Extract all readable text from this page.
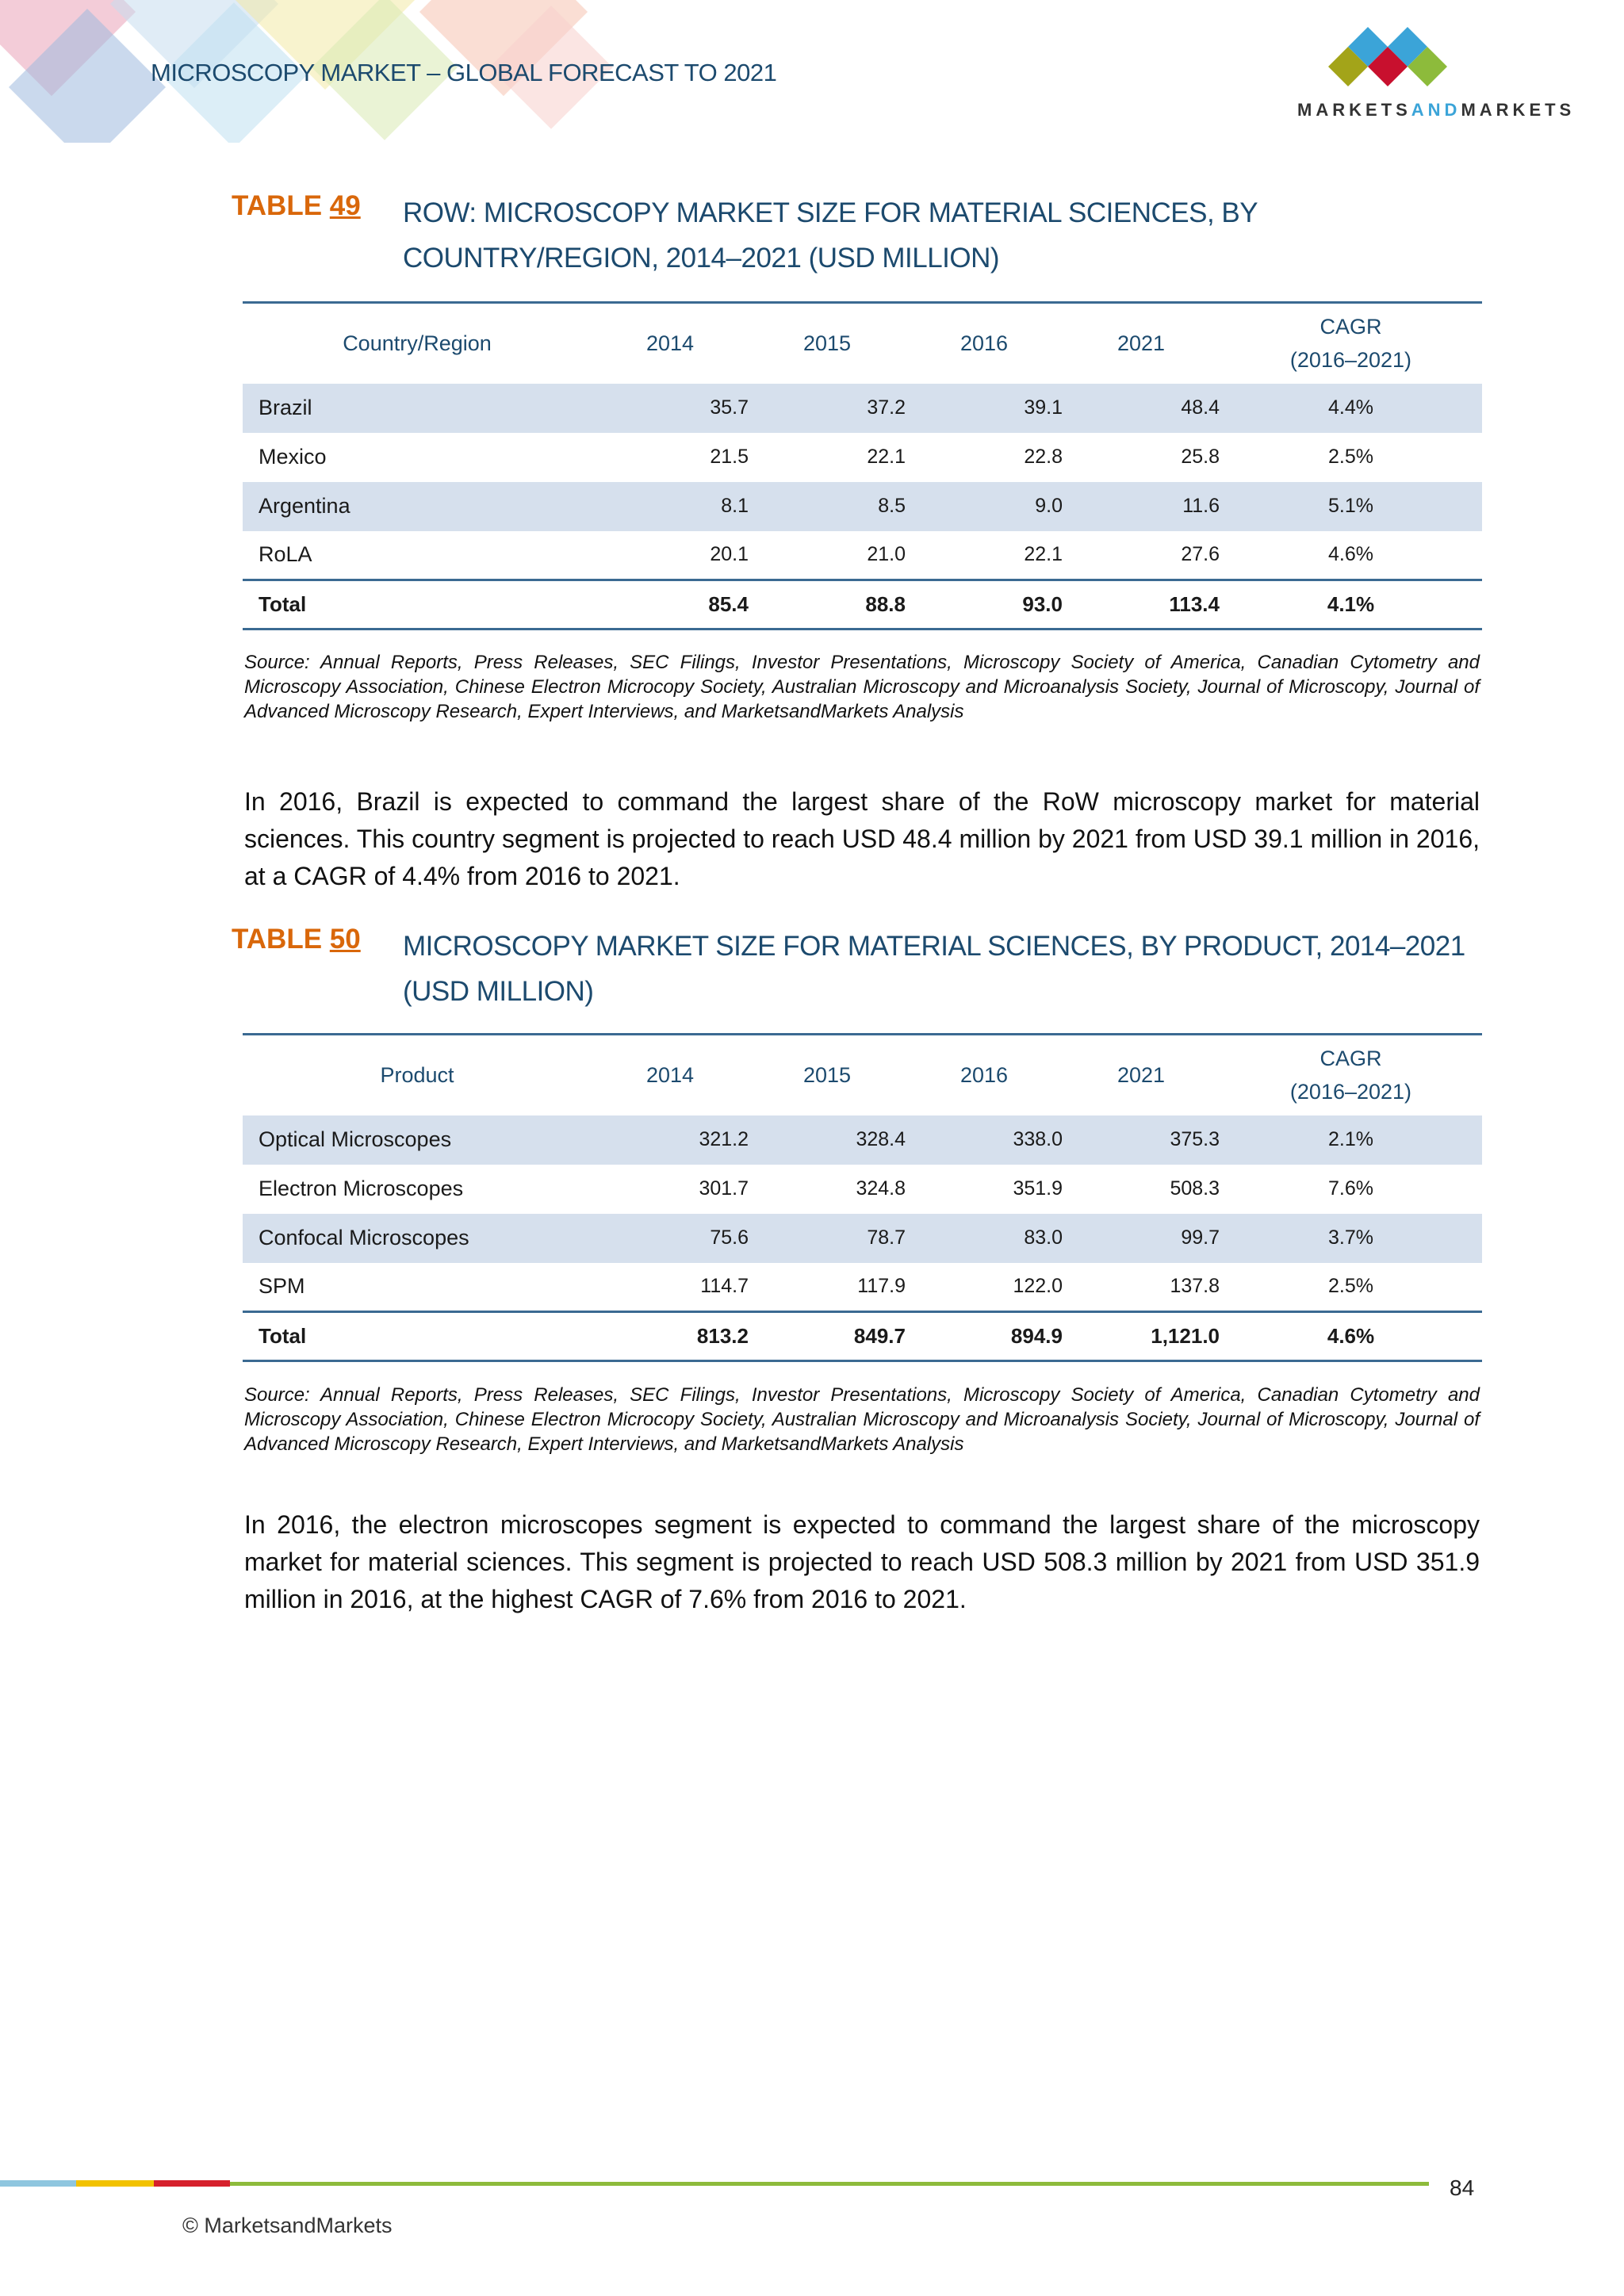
MICROSCOPY MARKET – GLOBAL FORECAST TO 2021
MARKETSANDMARKETS
TABLE 49 ROW: MICROSCOPY MARKET SIZE FOR MATERIAL SCIENCES, BY COUNTRY/REGION, 2014–2021 (USD MILLION)
Country/Region	2014	2015	2016	2021	CAGR
(2016–2021)
Brazil	35.7	37.2	39.1	48.4	4.4%
Mexico	21.5	22.1	22.8	25.8	2.5%
Argentina	8.1	8.5	9.0	11.6	5.1%
RoLA	20.1	21.0	22.1	27.6	4.6%
Total	85.4	88.8	93.0	113.4	4.1%
Source: Annual Reports, Press Releases, SEC Filings, Investor Presentations, Microscopy Society of America, Canadian Cytometry and Microscopy Association, Chinese Electron Microcopy Society, Australian Microscopy and Microanalysis Society, Journal of Microscopy, Journal of Advanced Microscopy Research, Expert Interviews, and MarketsandMarkets Analysis
In 2016, Brazil is expected to command the largest share of the RoW microscopy market for material sciences. This country segment is projected to reach USD 48.4 million by 2021 from USD 39.1 million in 2016, at a CAGR of 4.4% from 2016 to 2021.
TABLE 50 MICROSCOPY MARKET SIZE FOR MATERIAL SCIENCES, BY PRODUCT, 2014–2021 (USD MILLION)
Product	2014	2015	2016	2021	CAGR
(2016–2021)
Optical Microscopes	321.2	328.4	338.0	375.3	2.1%
Electron Microscopes	301.7	324.8	351.9	508.3	7.6%
Confocal Microscopes	75.6	78.7	83.0	99.7	3.7%
SPM	114.7	117.9	122.0	137.8	2.5%
Total	813.2	849.7	894.9	1,121.0	4.6%
Source: Annual Reports, Press Releases, SEC Filings, Investor Presentations, Microscopy Society of America, Canadian Cytometry and Microscopy Association, Chinese Electron Microcopy Society, Australian Microscopy and Microanalysis Society, Journal of Microscopy, Journal of Advanced Microscopy Research, Expert Interviews, and MarketsandMarkets Analysis
In 2016, the electron microscopes segment is expected to command the largest share of the microscopy market for material sciences. This segment is projected to reach USD 508.3 million by 2021 from USD 351.9 million in 2016, at the highest CAGR of 7.6% from 2016 to 2021.
84
© MarketsandMarkets
